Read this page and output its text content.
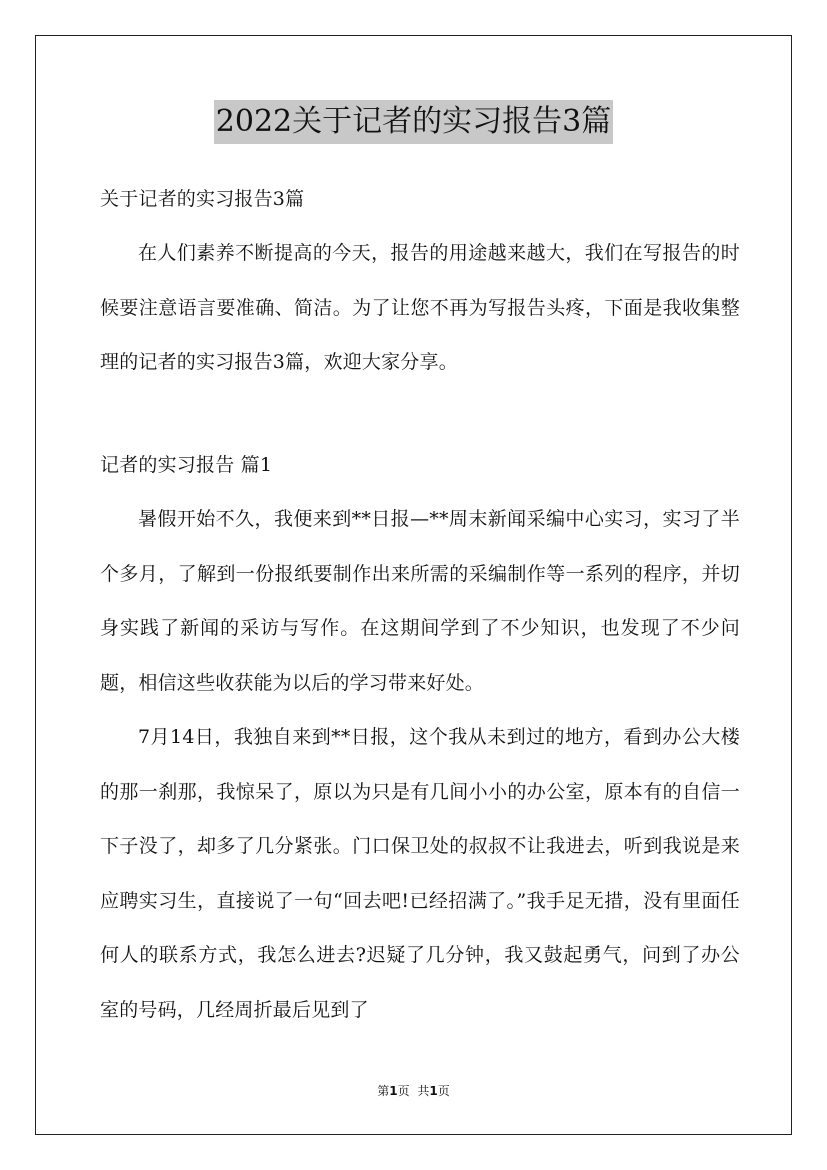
2022关于记者的实习报告3篇
关于记者的实习报告3篇

在人们素养不断提高的今天，报告的用途越来越大，我们在写报告的时候要注意语言要准确、简洁。为了让您不再为写报告头疼，下面是我收集整理的记者的实习报告3篇，欢迎大家分享。

记者的实习报告 篇1

暑假开始不久，我便来到**日报—**周末新闻采编中心实习，实习了半个多月，了解到一份报纸要制作出来所需的采编制作等一系列的程序，并切身实践了新闻的采访与写作。在这期间学到了不少知识，也发现了不少问题，相信这些收获能为以后的学习带来好处。

7月14日，我独自来到**日报，这个我从未到过的地方，看到办公大楼的那一刹那，我惊呆了，原以为只是有几间小小的办公室，原本有的自信一下子没了，却多了几分紧张。门口保卫处的叔叔不让我进去，听到我说是来应聘实习生，直接说了一句“回去吧!已经招满了。”我手足无措，没有里面任何人的联系方式，我怎么进去?迟疑了几分钟，我又鼓起勇气，问到了办公室的号码，几经周折最后见到了

第1页 共1页
